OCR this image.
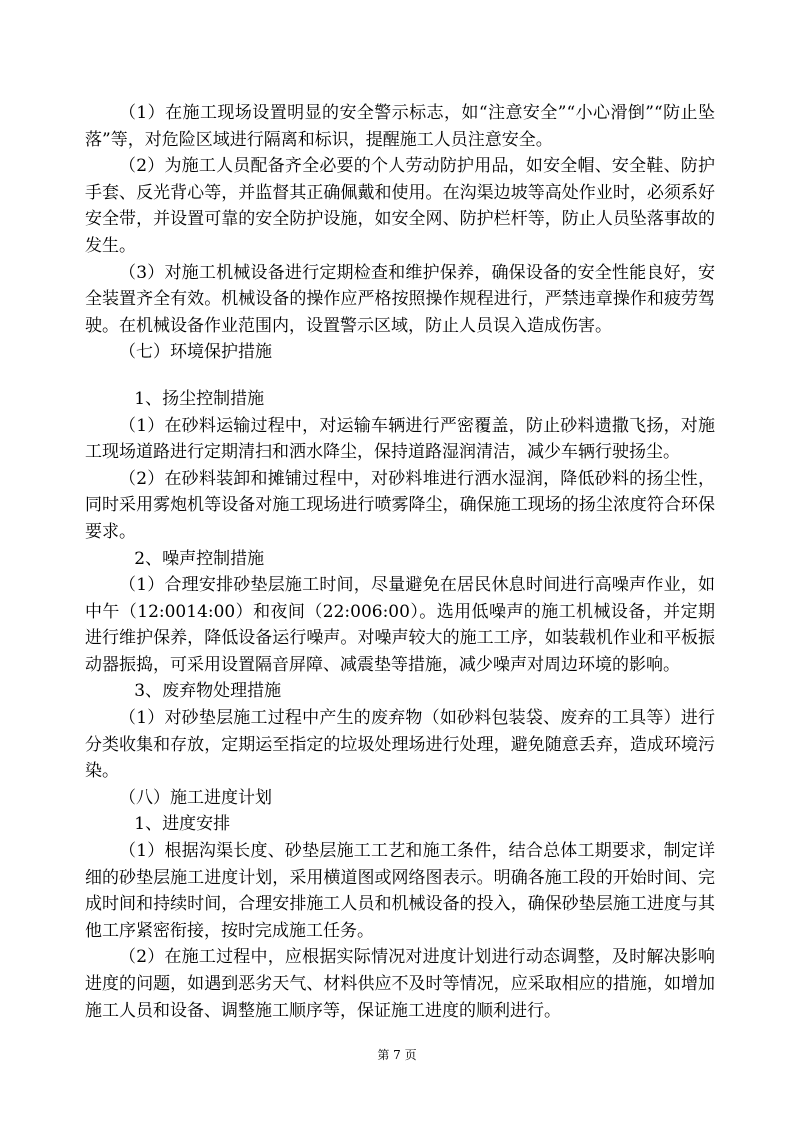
（1）在施工现场设置明显的安全警示标志，如“注意安全”“小心滑倒”“防止坠落”等，对危险区域进行隔离和标识，提醒施工人员注意安全。

（2）为施工人员配备齐全必要的个人劳动防护用品，如安全帽、安全鞋、防护手套、反光背心等，并监督其正确佩戴和使用。在沟渠边坡等高处作业时，必须系好安全带，并设置可靠的安全防护设施，如安全网、防护栏杆等，防止人员坠落事故的发生。

（3）对施工机械设备进行定期检查和维护保养，确保设备的安全性能良好，安全装置齐全有效。机械设备的操作应严格按照操作规程进行，严禁违章操作和疲劳驾驶。在机械设备作业范围内，设置警示区域，防止人员误入造成伤害。

（七）环境保护措施

1、扬尘控制措施

（1）在砂料运输过程中，对运输车辆进行严密覆盖，防止砂料遗撒飞扬，对施工现场道路进行定期清扫和洒水降尘，保持道路湿润清洁，减少车辆行驶扬尘。

（2）在砂料装卸和摊铺过程中，对砂料堆进行洒水湿润，降低砂料的扬尘性，同时采用雾炮机等设备对施工现场进行喷雾降尘，确保施工现场的扬尘浓度符合环保要求。

2、噪声控制措施

（1）合理安排砂垫层施工时间，尽量避免在居民休息时间进行高噪声作业，如中午（12:0014:00）和夜间（22:006:00）。选用低噪声的施工机械设备，并定期进行维护保养，降低设备运行噪声。对噪声较大的施工工序，如装载机作业和平板振动器振捣，可采用设置隔音屏障、减震垫等措施，减少噪声对周边环境的影响。

3、废弃物处理措施

（1）对砂垫层施工过程中产生的废弃物（如砂料包装袋、废弃的工具等）进行分类收集和存放，定期运至指定的垃圾处理场进行处理，避免随意丢弃，造成环境污染。

（八）施工进度计划

1、进度安排

（1）根据沟渠长度、砂垫层施工工艺和施工条件，结合总体工期要求，制定详细的砂垫层施工进度计划，采用横道图或网络图表示。明确各施工段的开始时间、完成时间和持续时间，合理安排施工人员和机械设备的投入，确保砂垫层施工进度与其他工序紧密衔接，按时完成施工任务。

（2）在施工过程中，应根据实际情况对进度计划进行动态调整，及时解决影响进度的问题，如遇到恶劣天气、材料供应不及时等情况，应采取相应的措施，如增加施工人员和设备、调整施工顺序等，保证施工进度的顺利进行。

第 7 页
